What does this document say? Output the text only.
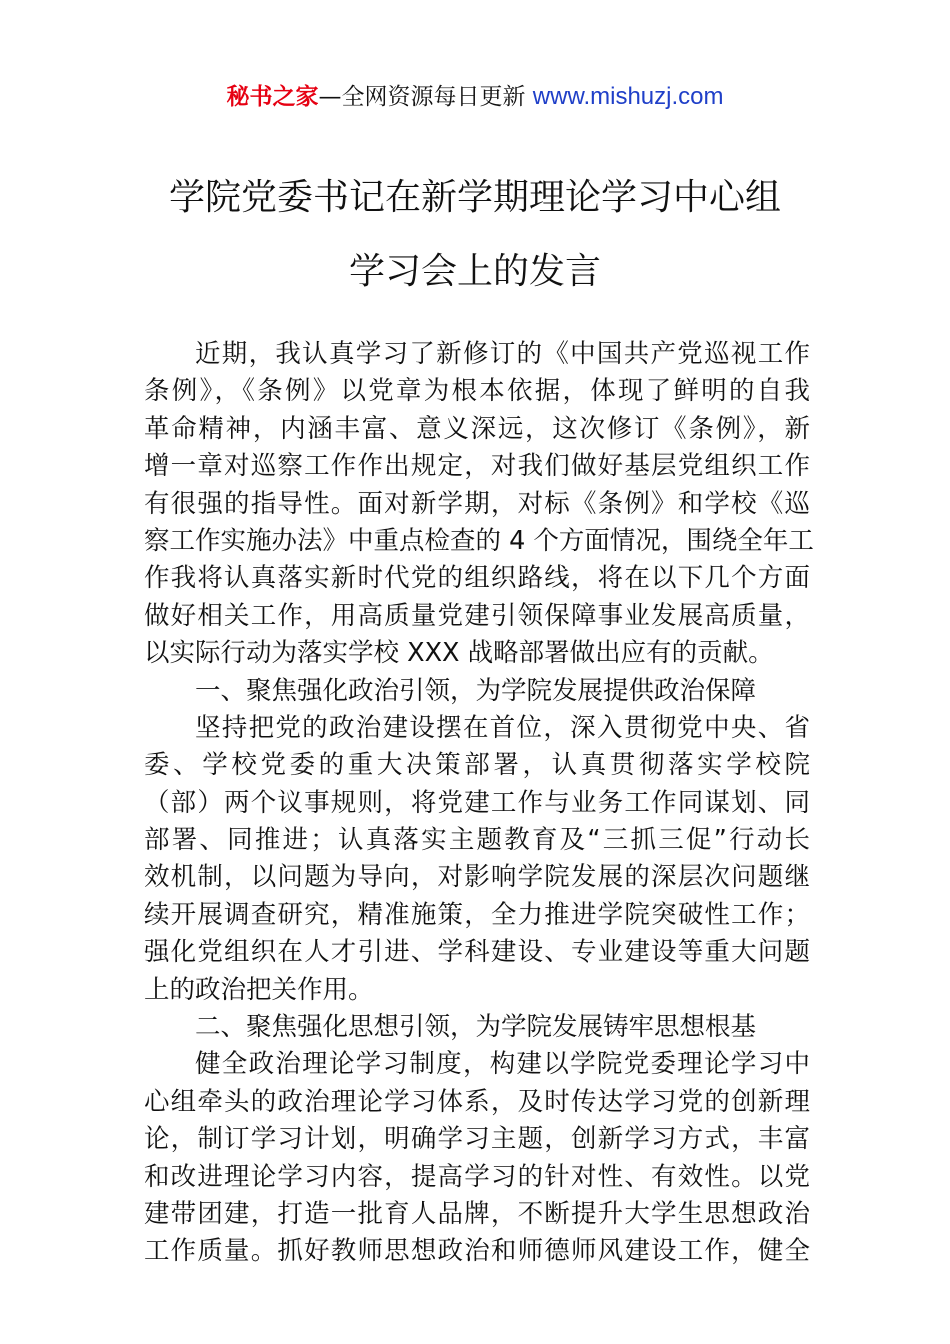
秘书之家—全网资源每日更新 www.mishuzj.com
学院党委书记在新学期理论学习中心组
学习会上的发言
近期，我认真学习了新修订的《中国共产党巡视工作
条例》，《条例》以党章为根本依据，体现了鲜明的自我
革命精神，内涵丰富、意义深远，这次修订《条例》，新
增一章对巡察工作作出规定，对我们做好基层党组织工作
有很强的指导性。面对新学期，对标《条例》和学校《巡
察工作实施办法》中重点检查的 4 个方面情况，围绕全年工
作我将认真落实新时代党的组织路线，将在以下几个方面
做好相关工作，用高质量党建引领保障事业发展高质量，
以实际行动为落实学校 XXX 战略部署做出应有的贡献。
一、聚焦强化政治引领，为学院发展提供政治保障
坚持把党的政治建设摆在首位，深入贯彻党中央、省
委、学校党委的重大决策部署，认真贯彻落实学校院
（部）两个议事规则，将党建工作与业务工作同谋划、同
部署、同推进；认真落实主题教育及“三抓三促”行动长
效机制，以问题为导向，对影响学院发展的深层次问题继
续开展调查研究，精准施策，全力推进学院突破性工作；
强化党组织在人才引进、学科建设、专业建设等重大问题
上的政治把关作用。
二、聚焦强化思想引领，为学院发展铸牢思想根基
健全政治理论学习制度，构建以学院党委理论学习中
心组牵头的政治理论学习体系，及时传达学习党的创新理
论，制订学习计划，明确学习主题，创新学习方式，丰富
和改进理论学习内容，提高学习的针对性、有效性。以党
建带团建，打造一批育人品牌，不断提升大学生思想政治
工作质量。抓好教师思想政治和师德师风建设工作，健全
